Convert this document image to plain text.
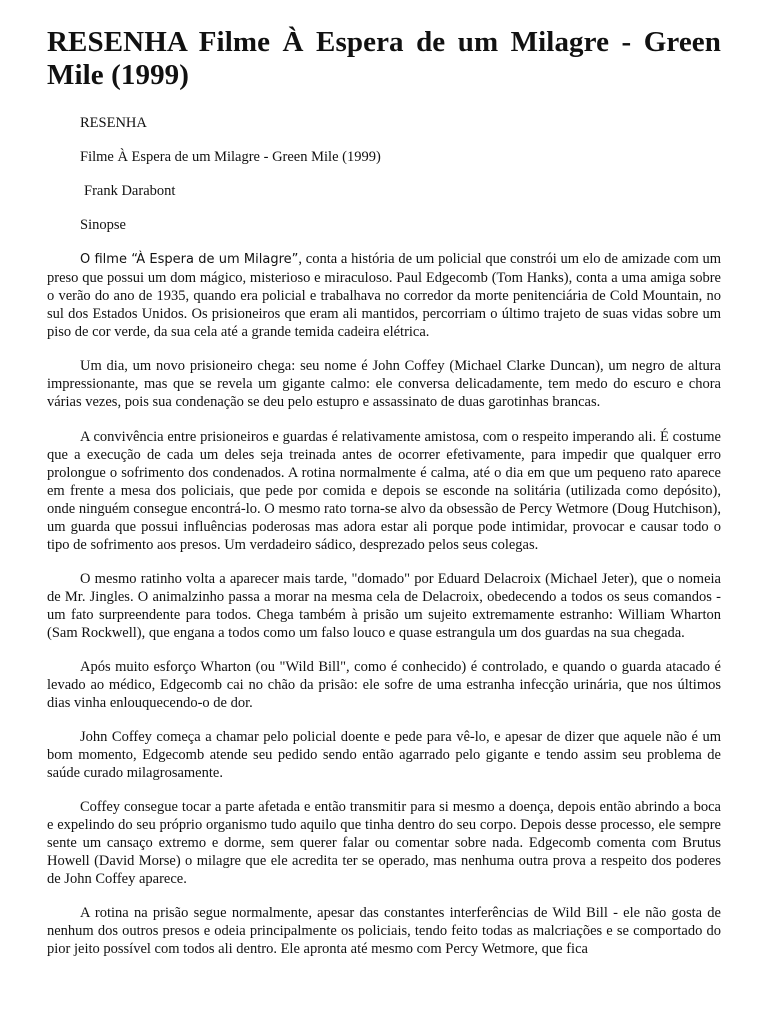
RESENHA Filme À Espera de um Milagre - Green Mile (1999)
RESENHA
Filme À Espera de um Milagre - Green Mile (1999)
Frank Darabont
Sinopse

O filme “À Espera de um Milagre”, conta a história de um policial que constrói um elo de amizade com um preso que possui um dom mágico, misterioso e miraculoso. Paul Edgecomb (Tom Hanks), conta a uma amiga sobre o verão do ano de 1935, quando era policial e trabalhava no corredor da morte penitenciária de Cold Mountain, no sul dos Estados Unidos. Os prisioneiros que eram ali mantidos, percorriam o último trajeto de suas vidas sobre um piso de cor verde, da sua cela até a grande temida cadeira elétrica.

Um dia, um novo prisioneiro chega: seu nome é John Coffey (Michael Clarke Duncan), um negro de altura impressionante, mas que se revela um gigante calmo: ele conversa delicadamente, tem medo do escuro e chora várias vezes, pois sua condenação se deu pelo estupro e assassinato de duas garotinhas brancas.

A convivência entre prisioneiros e guardas é relativamente amistosa, com o respeito imperando ali. É costume que a execução de cada um deles seja treinada antes de ocorrer efetivamente, para impedir que qualquer erro prolongue o sofrimento dos condenados. A rotina normalmente é calma, até o dia em que um pequeno rato aparece em frente a mesa dos policiais, que pede por comida e depois se esconde na solitária (utilizada como depósito), onde ninguém consegue encontrá-lo. O mesmo rato torna-se alvo da obsessão de Percy Wetmore (Doug Hutchison), um guarda que possui influências poderosas mas adora estar ali porque pode intimidar, provocar e causar todo o tipo de sofrimento aos presos. Um verdadeiro sádico, desprezado pelos seus colegas.

O mesmo ratinho volta a aparecer mais tarde, "domado" por Eduard Delacroix (Michael Jeter), que o nomeia de Mr. Jingles. O animalzinho passa a morar na mesma cela de Delacroix, obedecendo a todos os seus comandos - um fato surpreendente para todos. Chega também à prisão um sujeito extremamente estranho: William Wharton (Sam Rockwell), que engana a todos como um falso louco e quase estrangula um dos guardas na sua chegada.

Após muito esforço Wharton (ou "Wild Bill", como é conhecido) é controlado, e quando o guarda atacado é levado ao médico, Edgecomb cai no chão da prisão: ele sofre de uma estranha infecção urinária, que nos últimos dias vinha enlouquecendo-o de dor.

John Coffey começa a chamar pelo policial doente e pede para vê-lo, e apesar de dizer que aquele não é um bom momento, Edgecomb atende seu pedido sendo então agarrado pelo gigante e tendo assim seu problema de saúde curado milagrosamente.

Coffey consegue tocar a parte afetada e então transmitir para si mesmo a doença, depois então abrindo a boca e expelindo do seu próprio organismo tudo aquilo que tinha dentro do seu corpo. Depois desse processo, ele sempre sente um cansaço extremo e dorme, sem querer falar ou comentar sobre nada. Edgecomb comenta com Brutus Howell (David Morse) o milagre que ele acredita ter se operado, mas nenhuma outra prova a respeito dos poderes de John Coffey aparece.

A rotina na prisão segue normalmente, apesar das constantes interferências de Wild Bill - ele não gosta de nenhum dos outros presos e odeia principalmente os policiais, tendo feito todas as malcriações e se comportado do pior jeito possível com todos ali dentro. Ele apronta até mesmo com Percy Wetmore, que fica
